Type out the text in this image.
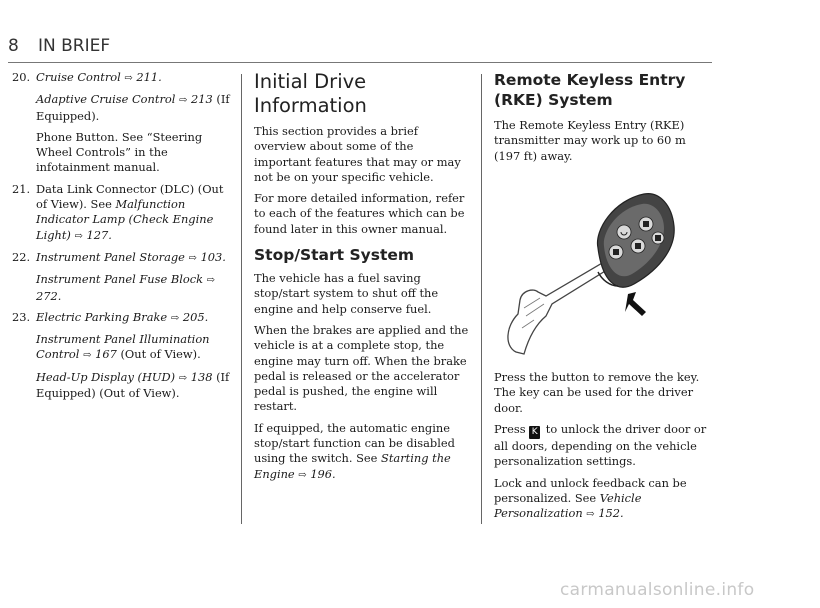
8 IN BRIEF
20. Cruise Control ⇨ 211.
Adaptive Cruise Control ⇨ 213 (If Equipped).
Phone Button. See “Steering Wheel Controls” in the infotainment manual.
21. Data Link Connector (DLC) (Out of View). See Malfunction Indicator Lamp (Check Engine Light) ⇨ 127.
22. Instrument Panel Storage ⇨ 103.
Instrument Panel Fuse Block ⇨ 272.
23. Electric Parking Brake ⇨ 205.
Instrument Panel Illumination Control ⇨ 167 (Out of View).
Head-Up Display (HUD) ⇨ 138 (If Equipped) (Out of View).
Initial Drive Information

This section provides a brief overview about some of the important features that may or may not be on your specific vehicle.

For more detailed information, refer to each of the features which can be found later in this owner manual.

Stop/Start System

The vehicle has a fuel saving stop/start system to shut off the engine and help conserve fuel.

When the brakes are applied and the vehicle is at a complete stop, the engine may turn off. When the brake pedal is released or the accelerator pedal is pushed, the engine will restart.

If equipped, the automatic engine stop/start function can be disabled using the switch. See Starting the Engine ⇨ 196.

Remote Keyless Entry (RKE) System

The Remote Keyless Entry (RKE) transmitter may work up to 60 m (197 ft) away.

Press the button to remove the key. The key can be used for the driver door.

Press K to unlock the driver door or all doors, depending on the vehicle personalization settings.

Lock and unlock feedback can be personalized. See Vehicle Personalization ⇨ 152.

carmanualsonline.info
